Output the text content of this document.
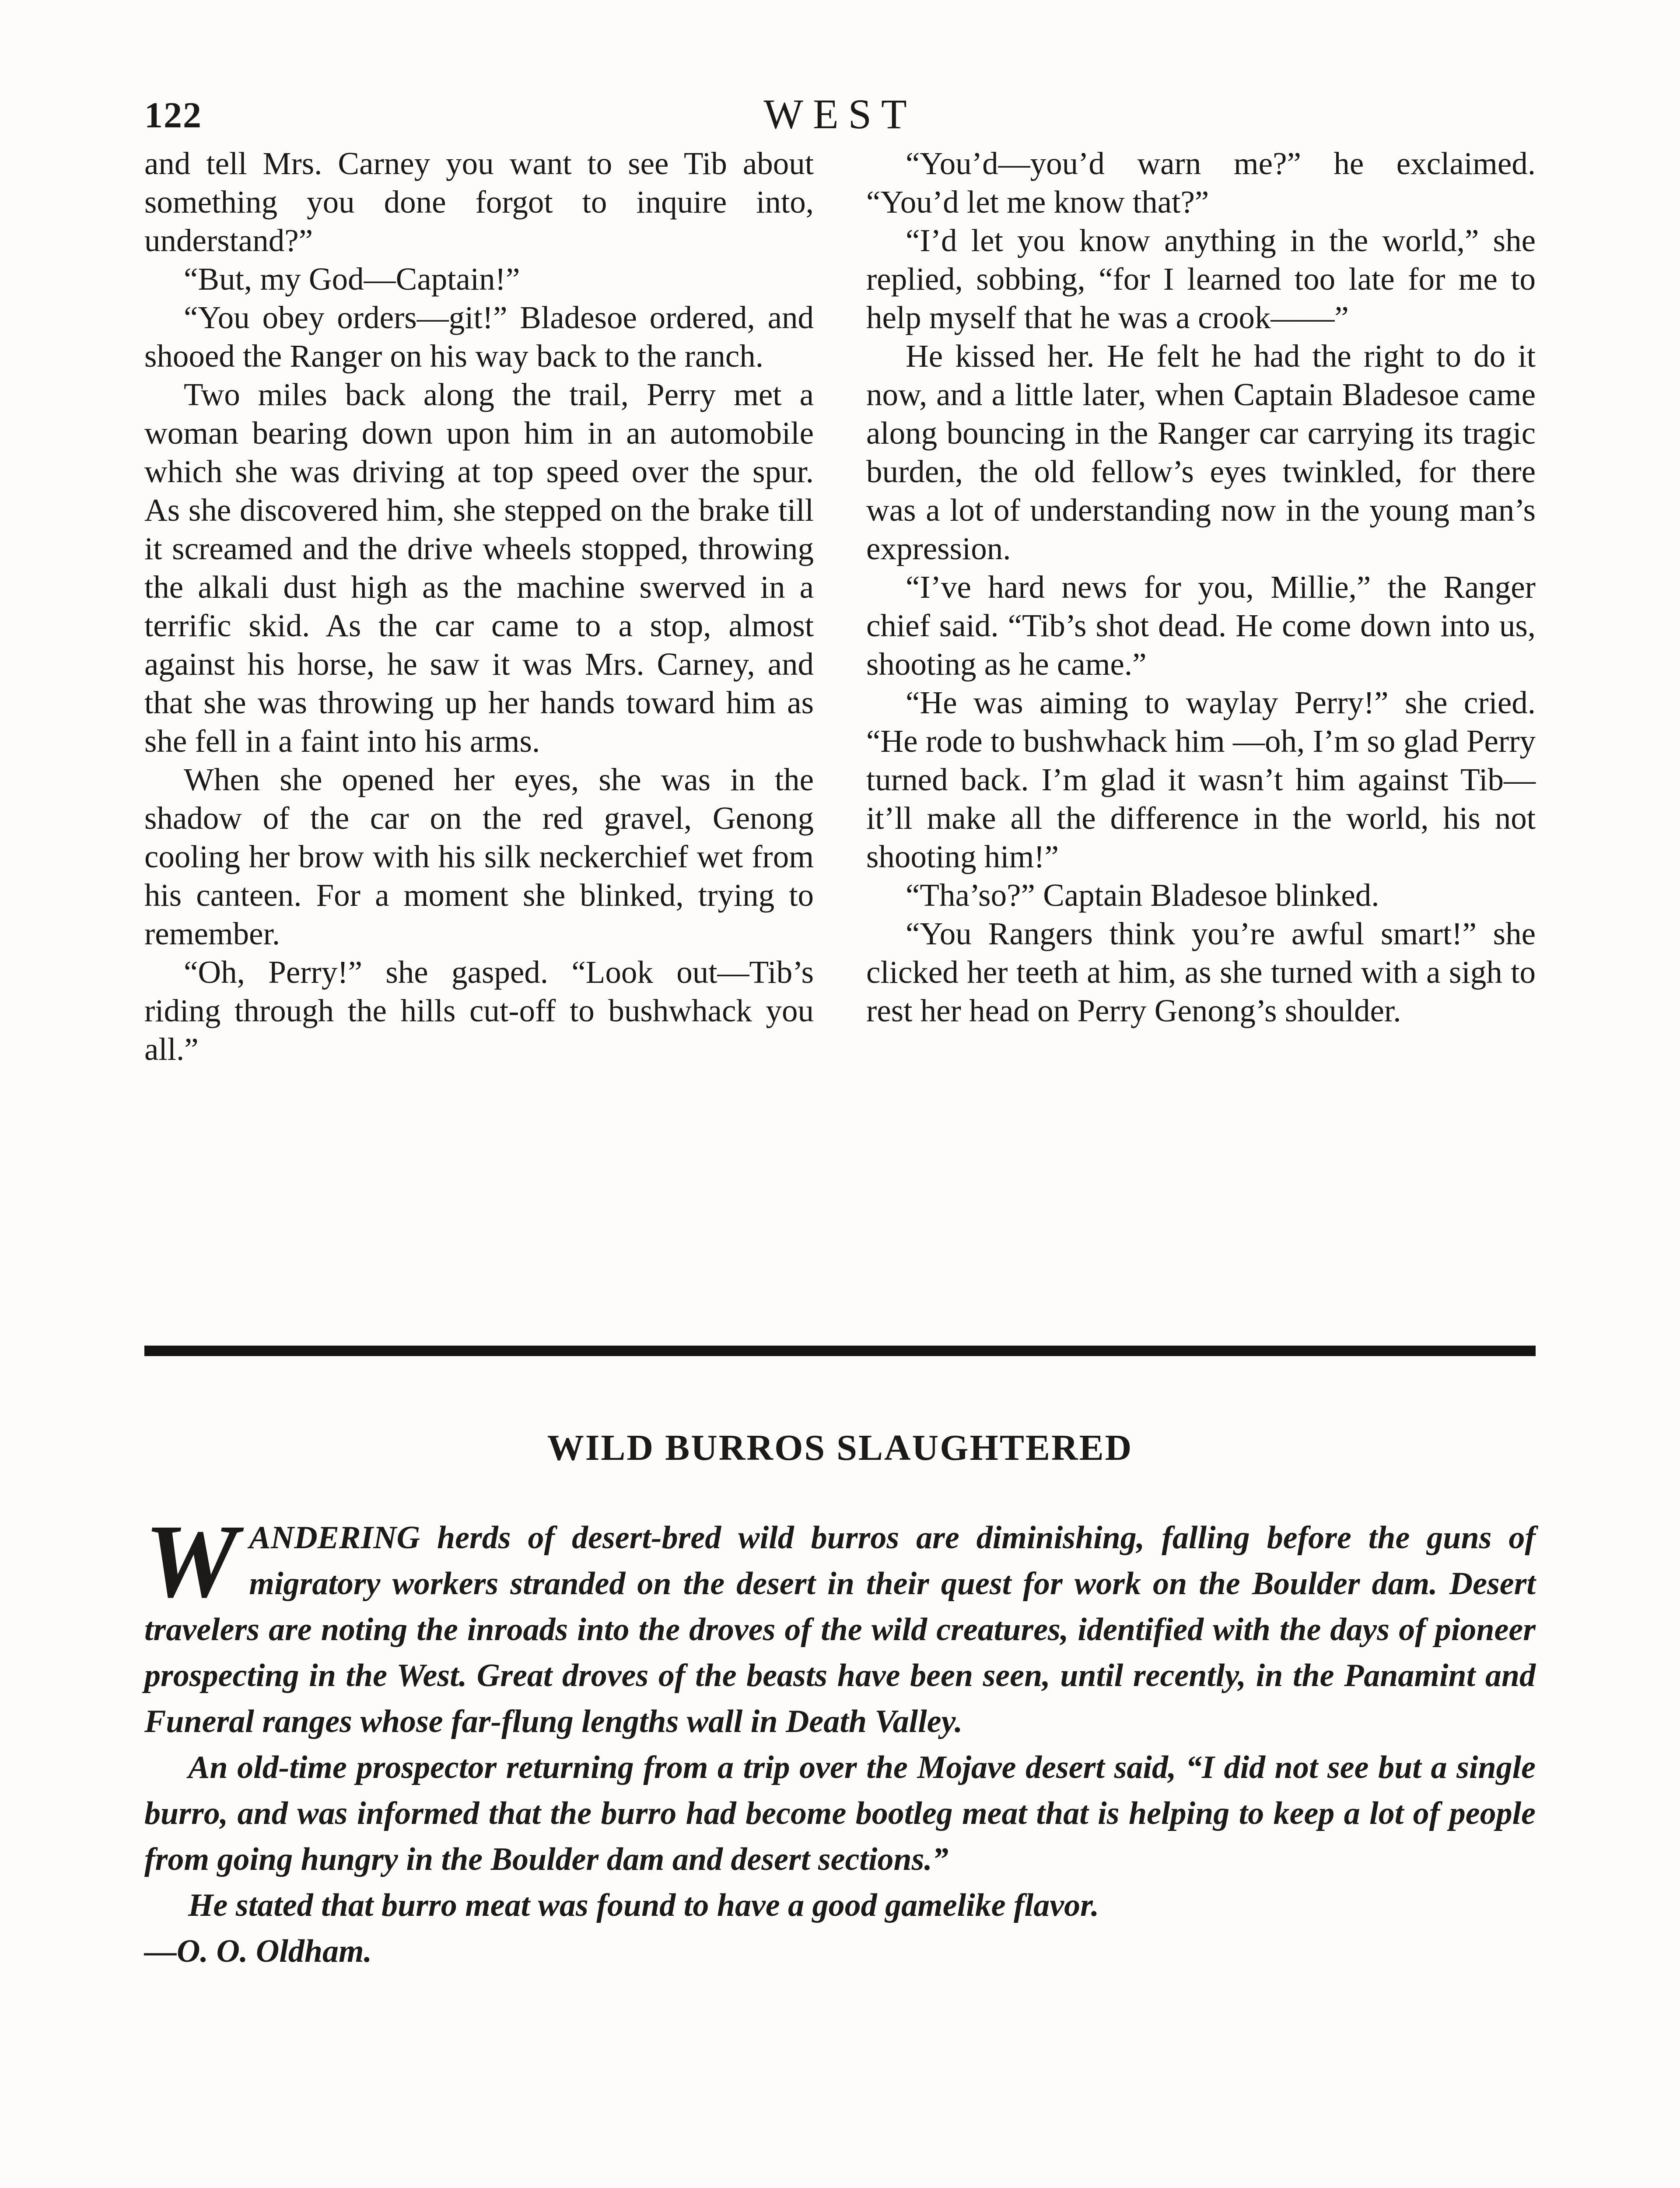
122	WEST

and tell Mrs. Carney you want to see Tib about something you done forgot to inquire into, understand?”

“But, my God—Captain!”

“You obey orders—git!” Bladesoe ordered, and shooed the Ranger on his way back to the ranch.

Two miles back along the trail, Perry met a woman bearing down upon him in an automobile which she was driving at top speed over the spur. As she discovered him, she stepped on the brake till it screamed and the drive wheels stopped, throwing the alkali dust high as the machine swerved in a terrific skid. As the car came to a stop, almost against his horse, he saw it was Mrs. Carney, and that she was throwing up her hands toward him as she fell in a faint into his arms.

When she opened her eyes, she was in the shadow of the car on the red gravel, Genong cooling her brow with his silk neckerchief wet from his canteen. For a moment she blinked, trying to remember.

“Oh, Perry!” she gasped. “Look out—Tib’s riding through the hills cut-off to bushwhack you all.”

“You’d—you’d warn me?” he exclaimed. “You’d let me know that?”

“I’d let you know anything in the world,” she replied, sobbing, “for I learned too late for me to help myself that he was a crook——”

He kissed her. He felt he had the right to do it now, and a little later, when Captain Bladesoe came along bouncing in the Ranger car carrying its tragic burden, the old fellow’s eyes twinkled, for there was a lot of understanding now in the young man’s expression.

“I’ve hard news for you, Millie,” the Ranger chief said. “Tib’s shot dead. He come down into us, shooting as he came.”

“He was aiming to waylay Perry!” she cried. “He rode to bushwhack him —oh, I’m so glad Perry turned back. I’m glad it wasn’t him against Tib— it’ll make all the difference in the world, his not shooting him!”

“Tha’so?” Captain Bladesoe blinked.

“You Rangers think you’re awful smart!” she clicked her teeth at him, as she turned with a sigh to rest her head on Perry Genong’s shoulder.

WILD BURROS SLAUGHTERED

WANDERING herds of desert-bred wild burros are diminishing, falling before the guns of migratory workers stranded on the desert in their quest for work on the Boulder dam. Desert travelers are noting the inroads into the droves of the wild creatures, identified with the days of pioneer prospecting in the West. Great droves of the beasts have been seen, until recently, in the Panamint and Funeral ranges whose far-flung lengths wall in Death Valley.

An old-time prospector returning from a trip over the Mojave desert said, “I did not see but a single burro, and was informed that the burro had become bootleg meat that is helping to keep a lot of people from going hungry in the Boulder dam and desert sections.”

He stated that burro meat was found to have a good gamelike flavor.

—O. O. Oldham.
